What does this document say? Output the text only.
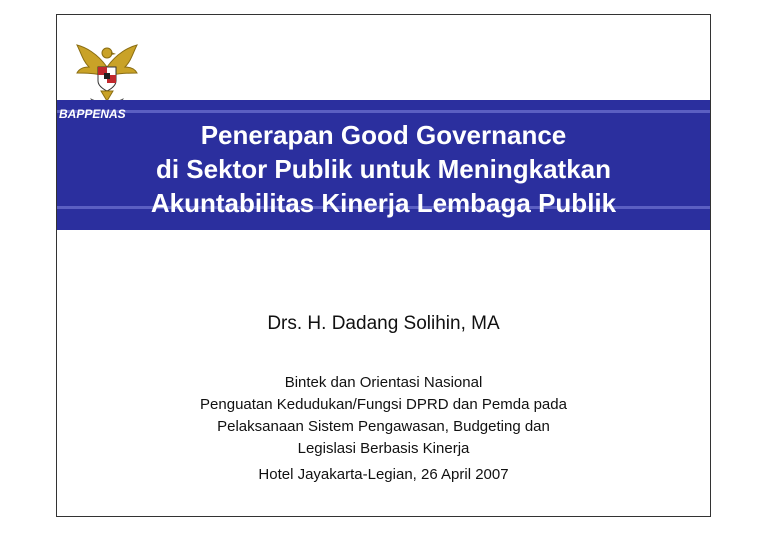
BAPPENAS
Penerapan Good Governance
di Sektor Publik untuk Meningkatkan
Akuntabilitas Kinerja Lembaga Publik
Drs. H. Dadang Solihin, MA
Bintek dan Orientasi Nasional
Penguatan Kedudukan/Fungsi DPRD dan Pemda pada
Pelaksanaan Sistem Pengawasan, Budgeting dan
Legislasi Berbasis Kinerja
Hotel Jayakarta-Legian, 26 April 2007
